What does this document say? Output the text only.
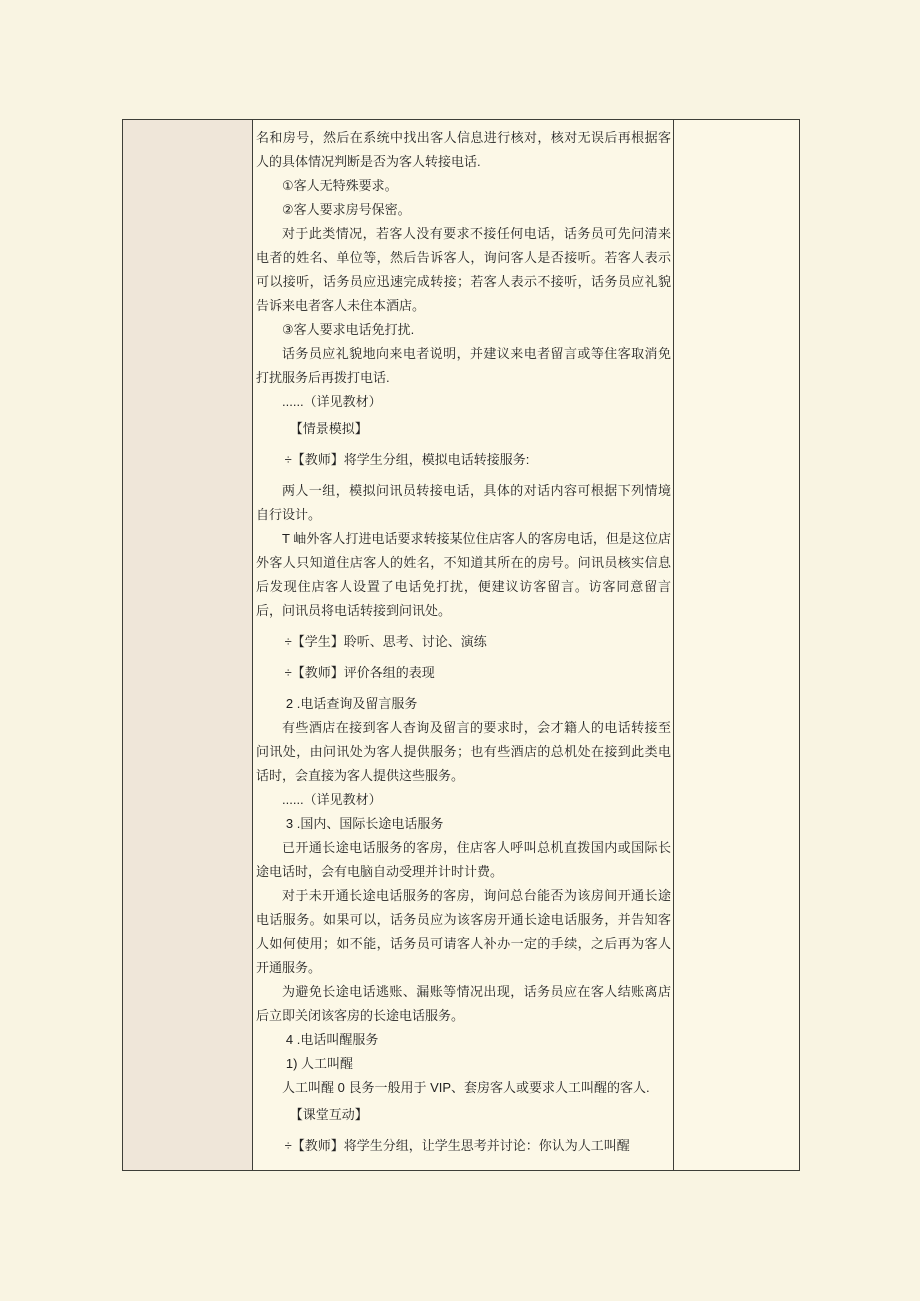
名和房号，然后在系统中找出客人信息进行核对，核对无误后再根据客人的具体情况判断是否为客人转接电话.

①客人无特殊要求。

②客人要求房号保密。

对于此类情况，若客人没有要求不接任何电话，话务员可先问清来电者的姓名、单位等，然后告诉客人，询问客人是否接听。若客人表示可以接听，话务员应迅速完成转接；若客人表示不接听，话务员应礼貌告诉来电者客人未住本酒店。

③客人要求电话免打扰.

话务员应礼貌地向来电者说明，并建议来电者留言或等住客取消免打扰服务后再拨打电话.

......（详见教材）

【情景模拟】

÷【教师】将学生分组，模拟电话转接服务:

两人一组，模拟问讯员转接电话，具体的对话内容可根据下列情境自行设计。

T 岫外客人打进电话要求转接某位住店客人的客房电话，但是这位店外客人只知道住店客人的姓名，不知道其所在的房号。问讯员核实信息后发现住店客人设置了电话免打扰，便建议访客留言。访客同意留言后，问讯员将电话转接到问讯处。

÷【学生】聆听、思考、讨论、演练

÷【教师】评价各组的表现

2 .电话查询及留言服务

有些酒店在接到客人杳询及留言的要求时，会才籍人的电话转接至问讯处，由问讯处为客人提供服务；也有些酒店的总机处在接到此类电话时，会直接为客人提供这些服务。

......（详见教材）

3 .国内、国际长途电话服务

已开通长途电话服务的客房，住店客人呼叫总机直拨国内或国际长途电话时，会有电脑自动受理并计时计费。

对于未开通长途电话服务的客房，询问总台能否为该房间开通长途电话服务。如果可以，话务员应为该客房开通长途电话服务，并告知客人如何使用；如不能，话务员可请客人补办一定的手续，之后再为客人开通服务。

为避免长途电话逃账、漏账等情况出现，话务员应在客人结账离店后立即关闭该客房的长途电话服务。

4 .电话叫醒服务

1) 人工叫醒

人工叫醒 0 艮务一般用于 VIP、套房客人或要求人工叫醒的客人.

【课堂互动】

÷【教师】将学生分组，让学生思考并讨论：你认为人工叫醒
